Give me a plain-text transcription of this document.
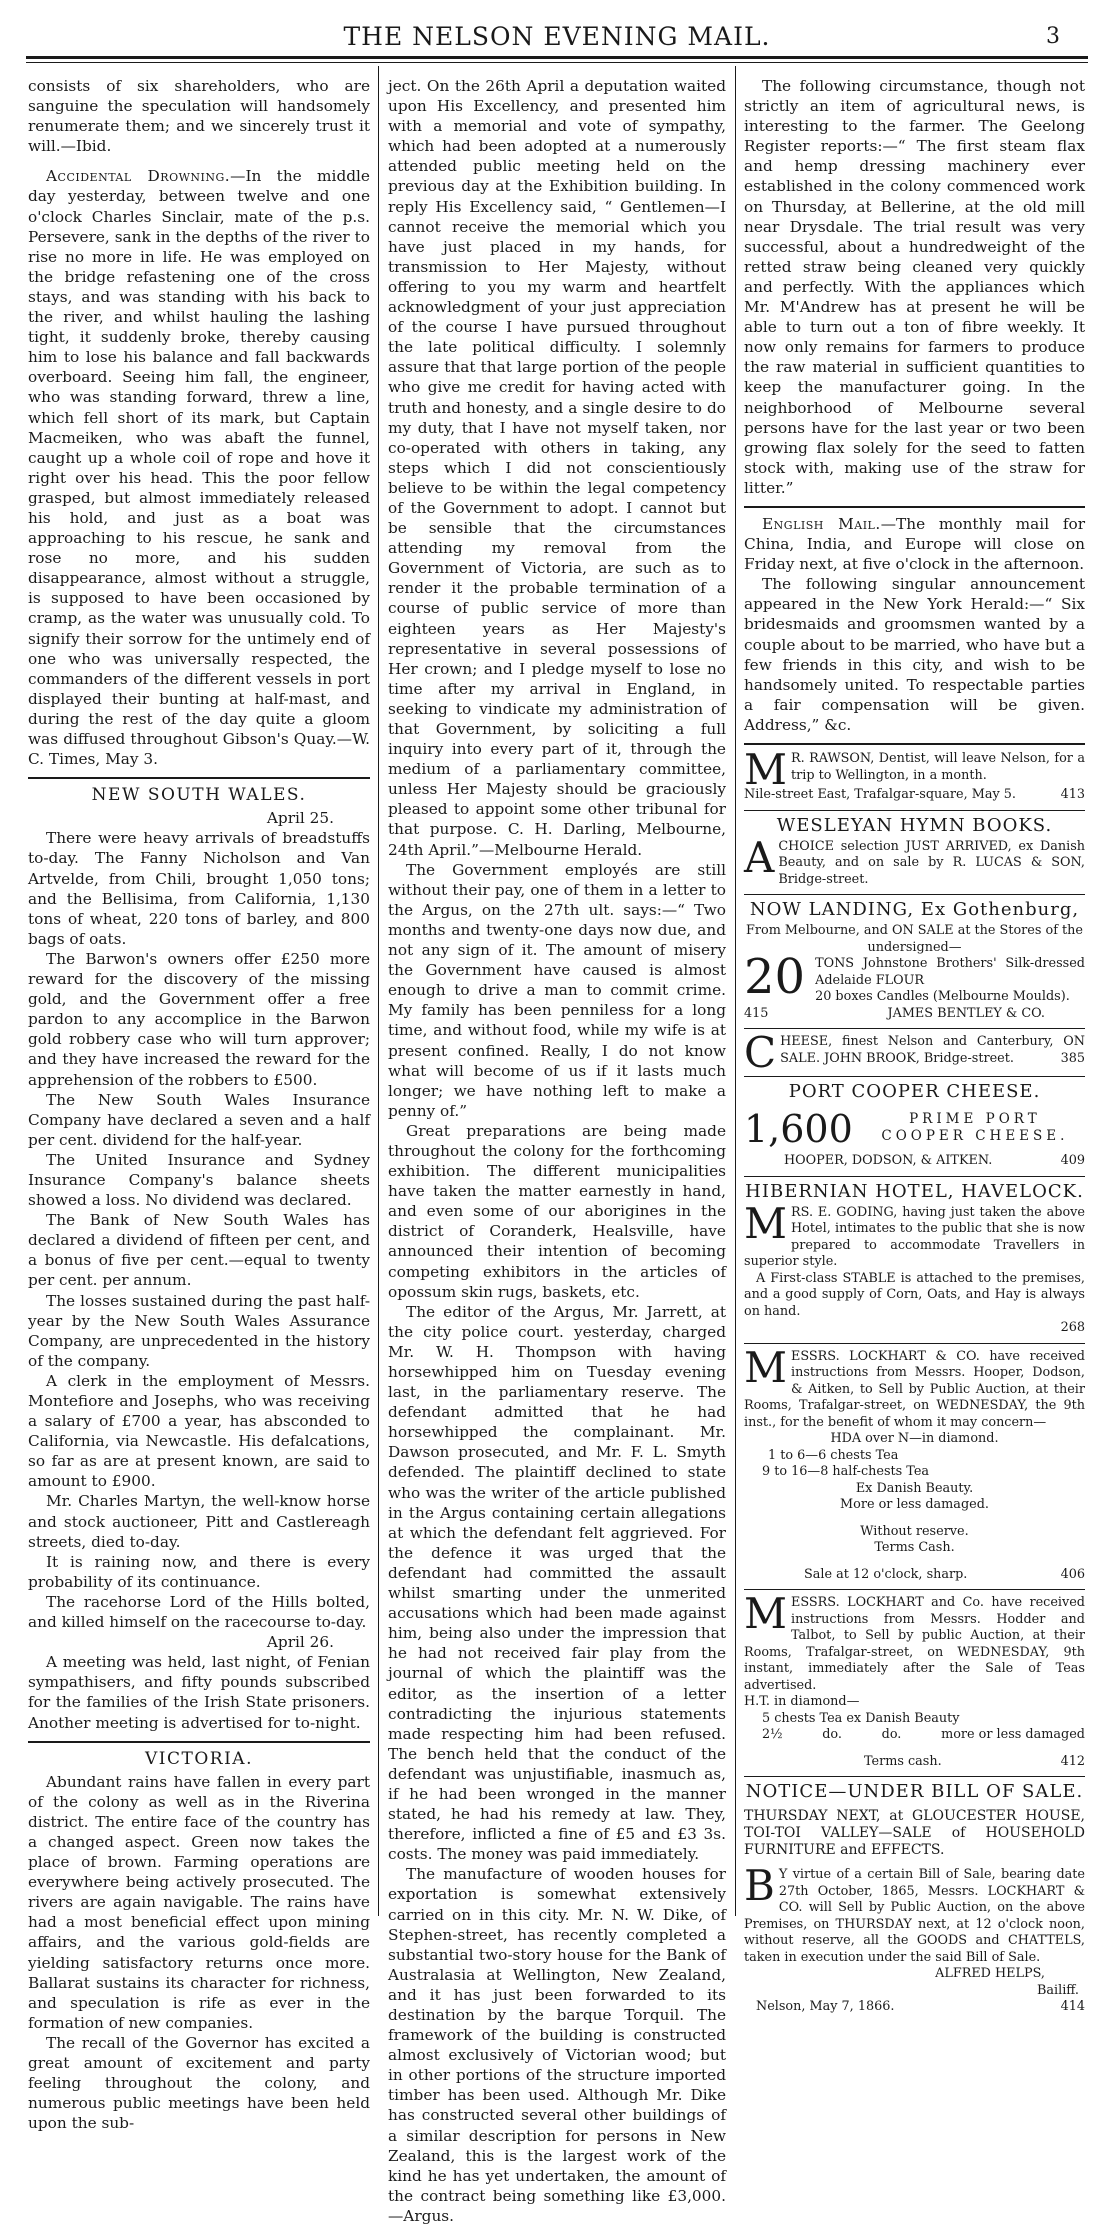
THE NELSON EVENING MAIL.	3

consists of six shareholders, who are sanguine the speculation will handsomely renumerate them; and we sincerely trust it will.—Ibid.

Accidental Drowning.—In the middle day yesterday, between twelve and one o'clock Charles Sinclair, mate of the p.s. Persevere, sank in the depths of the river to rise no more in life. He was employed on the bridge refastening one of the cross stays, and was standing with his back to the river, and whilst hauling the lashing tight, it suddenly broke, thereby causing him to lose his balance and fall backwards overboard. Seeing him fall, the engineer, who was standing forward, threw a line, which fell short of its mark, but Captain Macmeiken, who was abaft the funnel, caught up a whole coil of rope and hove it right over his head. This the poor fellow grasped, but almost immediately released his hold, and just as a boat was approaching to his rescue, he sank and rose no more, and his sudden disappearance, almost without a struggle, is supposed to have been occasioned by cramp, as the water was unusually cold. To signify their sorrow for the untimely end of one who was universally respected, the commanders of the different vessels in port displayed their bunting at half-mast, and during the rest of the day quite a gloom was diffused throughout Gibson's Quay.—W. C. Times, May 3.

NEW SOUTH WALES.

April 25.

There were heavy arrivals of breadstuffs to-day. The Fanny Nicholson and Van Artvelde, from Chili, brought 1,050 tons; and the Bellisima, from California, 1,130 tons of wheat, 220 tons of barley, and 800 bags of oats.

The Barwon's owners offer £250 more reward for the discovery of the missing gold, and the Government offer a free pardon to any accomplice in the Barwon gold robbery case who will turn approver; and they have increased the reward for the apprehension of the robbers to £500.

The New South Wales Insurance Company have declared a seven and a half per cent. dividend for the half-year.

The United Insurance and Sydney Insurance Company's balance sheets showed a loss. No dividend was declared.

The Bank of New South Wales has declared a dividend of fifteen per cent, and a bonus of five per cent.—equal to twenty per cent. per annum.

The losses sustained during the past half-year by the New South Wales Assurance Company, are unprecedented in the history of the company.

A clerk in the employment of Messrs. Montefiore and Josephs, who was receiving a salary of £700 a year, has absconded to California, via Newcastle. His defalcations, so far as are at present known, are said to amount to £900.

Mr. Charles Martyn, the well-know horse and stock auctioneer, Pitt and Castlereagh streets, died to-day.

It is raining now, and there is every probability of its continuance.

The racehorse Lord of the Hills bolted, and killed himself on the racecourse to-day.

April 26.

A meeting was held, last night, of Fenian sympathisers, and fifty pounds subscribed for the families of the Irish State prisoners. Another meeting is advertised for to-night.

VICTORIA.

Abundant rains have fallen in every part of the colony as well as in the Riverina district. The entire face of the country has a changed aspect. Green now takes the place of brown. Farming operations are everywhere being actively prosecuted. The rivers are again navigable. The rains have had a most beneficial effect upon mining affairs, and the various gold-fields are yielding satisfactory returns once more. Ballarat sustains its character for richness, and speculation is rife as ever in the formation of new companies.

The recall of the Governor has excited a great amount of excitement and party feeling throughout the colony, and numerous public meetings have been held upon the sub-

ject. On the 26th April a deputation waited upon His Excellency, and presented him with a memorial and vote of sympathy, which had been adopted at a numerously attended public meeting held on the previous day at the Exhibition building. In reply His Excellency said, “ Gentlemen—I cannot receive the memorial which you have just placed in my hands, for transmission to Her Majesty, without offering to you my warm and heartfelt acknowledgment of your just appreciation of the course I have pursued throughout the late political difficulty. I solemnly assure that that large portion of the people who give me credit for having acted with truth and honesty, and a single desire to do my duty, that I have not myself taken, nor co-operated with others in taking, any steps which I did not conscientiously believe to be within the legal competency of the Government to adopt. I cannot but be sensible that the circumstances attending my removal from the Government of Victoria, are such as to render it the probable termination of a course of public service of more than eighteen years as Her Majesty's representative in several possessions of Her crown; and I pledge myself to lose no time after my arrival in England, in seeking to vindicate my administration of that Government, by soliciting a full inquiry into every part of it, through the medium of a parliamentary committee, unless Her Majesty should be graciously pleased to appoint some other tribunal for that purpose. C. H. Darling, Melbourne, 24th April.”—Melbourne Herald.

The Government employés are still without their pay, one of them in a letter to the Argus, on the 27th ult. says:—“ Two months and twenty-one days now due, and not any sign of it. The amount of misery the Government have caused is almost enough to drive a man to commit crime. My family has been penniless for a long time, and without food, while my wife is at present confined. Really, I do not know what will become of us if it lasts much longer; we have nothing left to make a penny of.”

Great preparations are being made throughout the colony for the forthcoming exhibition. The different municipalities have taken the matter earnestly in hand, and even some of our aborigines in the district of Coranderk, Healsville, have announced their intention of becoming competing exhibitors in the articles of opossum skin rugs, baskets, etc.

The editor of the Argus, Mr. Jarrett, at the city police court. yesterday, charged Mr. W. H. Thompson with having horsewhipped him on Tuesday evening last, in the parliamentary reserve. The defendant admitted that he had horsewhipped the complainant. Mr. Dawson prosecuted, and Mr. F. L. Smyth defended. The plaintiff declined to state who was the writer of the article published in the Argus containing certain allegations at which the defendant felt aggrieved. For the defence it was urged that the defendant had committed the assault whilst smarting under the unmerited accusations which had been made against him, being also under the impression that he had not received fair play from the journal of which the plaintiff was the editor, as the insertion of a letter contradicting the injurious statements made respecting him had been refused. The bench held that the conduct of the defendant was unjustifiable, inasmuch as, if he had been wronged in the manner stated, he had his remedy at law. They, therefore, inflicted a fine of £5 and £3 3s. costs. The money was paid immediately.

The manufacture of wooden houses for exportation is somewhat extensively carried on in this city. Mr. N. W. Dike, of Stephen-street, has recently completed a substantial two-story house for the Bank of Australasia at Wellington, New Zealand, and it has just been forwarded to its destination by the barque Torquil. The framework of the building is constructed almost exclusively of Victorian wood; but in other portions of the structure imported timber has been used. Although Mr. Dike has constructed several other buildings of a similar description for persons in New Zealand, this is the largest work of the kind he has yet undertaken, the amount of the contract being something like £3,000.—Argus.

The following circumstance, though not strictly an item of agricultural news, is interesting to the farmer. The Geelong Register reports:—“ The first steam flax and hemp dressing machinery ever established in the colony commenced work on Thursday, at Bellerine, at the old mill near Drysdale. The trial result was very successful, about a hundredweight of the retted straw being cleaned very quickly and perfectly. With the appliances which Mr. M'Andrew has at present he will be able to turn out a ton of fibre weekly. It now only remains for farmers to produce the raw material in sufficient quantities to keep the manufacturer going. In the neighborhood of Melbourne several persons have for the last year or two been growing flax solely for the seed to fatten stock with, making use of the straw for litter.”

English Mail.—The monthly mail for China, India, and Europe will close on Friday next, at five o'clock in the afternoon.

The following singular announcement appeared in the New York Herald:—“ Six bridesmaids and groomsmen wanted by a couple about to be married, who have but a few friends in this city, and wish to be handsomely united. To respectable parties a fair compensation will be given. Address,” &c.

M R. RAWSON, Dentist, will leave Nelson, for a trip to Wellington, in a month.
Nile-street East, Trafalgar-square, May 5.	413
WESLEYAN HYMN BOOKS.
A CHOICE selection JUST ARRIVED, ex Danish Beauty, and on sale by R. LUCAS & SON, Bridge-street.
NOW LANDING, Ex Gothenburg,
From Melbourne, and ON SALE at the Stores of the undersigned—
20 TONS Johnstone Brothers' Silk-dressed Adelaide FLOUR
20 boxes Candles (Melbourne Moulds).
415	JAMES BENTLEY & CO.
C HEESE, finest Nelson and Canterbury, ON SALE. JOHN BROOK, Bridge-street.	385
PORT COOPER CHEESE.
1,600	PRIME PORT COOPER CHEESE.
HOOPER, DODSON, & AITKEN.	409
HIBERNIAN HOTEL, HAVELOCK.
M RS. E. GODING, having just taken the above Hotel, intimates to the public that she is now prepared to accommodate Travellers in superior style.
A First-class STABLE is attached to the premises, and a good supply of Corn, Oats, and Hay is always on hand.
268
M ESSRS. LOCKHART & CO. have received instructions from Messrs. Hooper, Dodson, & Aitken, to Sell by Public Auction, at their Rooms, Trafalgar-street, on WEDNESDAY, the 9th inst., for the benefit of whom it may concern—
HDA over N—in diamond.
1 to 6—6 chests Tea
9 to 16—8 half-chests Tea
Ex Danish Beauty.
More or less damaged.
Without reserve.
Terms Cash.
Sale at 12 o'clock, sharp.	406
M ESSRS. LOCKHART and Co. have received instructions from Messrs. Hodder and Talbot, to Sell by public Auction, at their Rooms, Trafalgar-street, on WEDNESDAY, 9th instant, immediately after the Sale of Teas advertised.
H.T. in diamond—
5 chests Tea ex Danish Beauty
2½	do.	do.	more or less damaged
Terms cash.	412
NOTICE—UNDER BILL OF SALE.
THURSDAY NEXT, at GLOUCESTER HOUSE, TOI-TOI VALLEY—SALE of HOUSEHOLD FURNITURE and EFFECTS.
B Y virtue of a certain Bill of Sale, bearing date 27th October, 1865, Messrs. LOCKHART & CO. will Sell by Public Auction, on the above Premises, on THURSDAY next, at 12 o'clock noon, without reserve, all the GOODS and CHATTELS, taken in execution under the said Bill of Sale.
ALFRED HELPS,
Bailiff.
Nelson, May 7, 1866.	414
